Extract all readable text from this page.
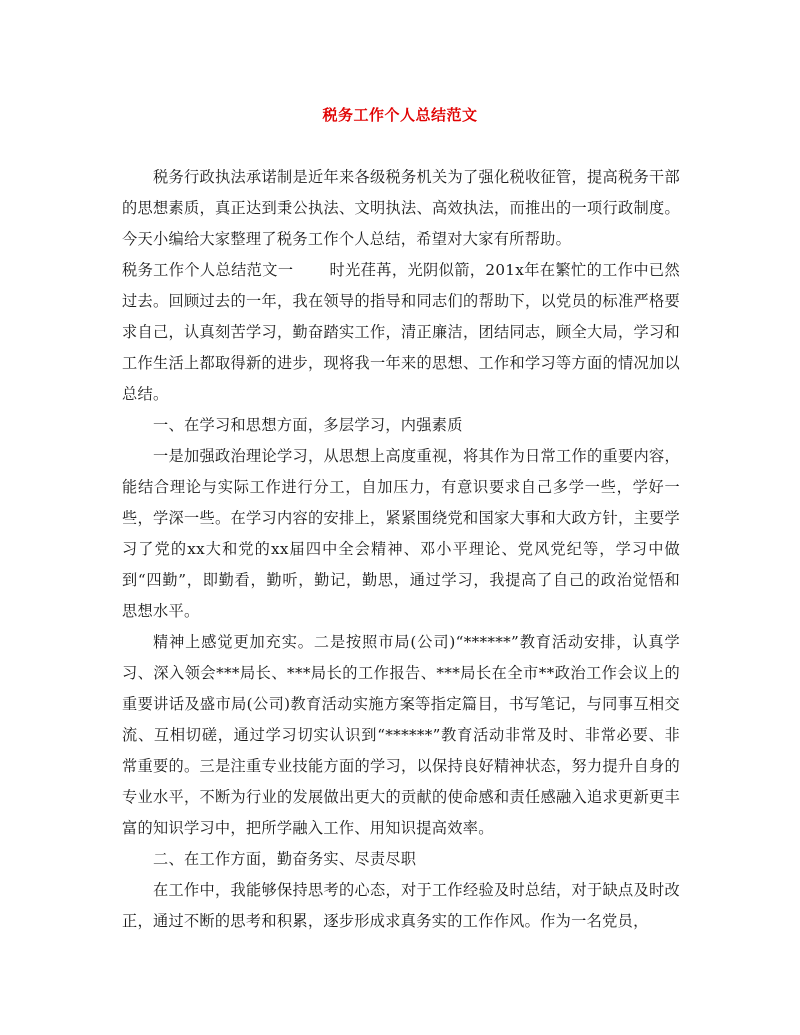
税务工作个人总结范文

税务行政执法承诺制是近年来各级税务机关为了强化税收征管，提高税务干部的思想素质，真正达到秉公执法、文明执法、高效执法，而推出的一项行政制度。今天小编给大家整理了税务工作个人总结，希望对大家有所帮助。

税务工作个人总结范文一 时光荏苒，光阴似箭，201x年在繁忙的工作中已然过去。回顾过去的一年，我在领导的指导和同志们的帮助下，以党员的标准严格要求自己，认真刻苦学习，勤奋踏实工作，清正廉洁，团结同志，顾全大局，学习和工作生活上都取得新的进步，现将我一年来的思想、工作和学习等方面的情况加以总结。

一、在学习和思想方面，多层学习，内强素质

一是加强政治理论学习，从思想上高度重视，将其作为日常工作的重要内容，能结合理论与实际工作进行分工，自加压力，有意识要求自己多学一些，学好一些，学深一些。在学习内容的安排上，紧紧围绕党和国家大事和大政方针，主要学习了党的xx大和党的xx届四中全会精神、邓小平理论、党风党纪等，学习中做到“四勤”，即勤看，勤听，勤记，勤思，通过学习，我提高了自己的政治觉悟和思想水平。

精神上感觉更加充实。二是按照市局(公司)“******”教育活动安排，认真学习、深入领会***局长、***局长的工作报告、***局长在全市**政治工作会议上的重要讲话及盛市局(公司)教育活动实施方案等指定篇目，书写笔记，与同事互相交流、互相切磋，通过学习切实认识到“******”教育活动非常及时、非常必要、非常重要的。三是注重专业技能方面的学习，以保持良好精神状态，努力提升自身的专业水平，不断为行业的发展做出更大的贡献的使命感和责任感融入追求更新更丰富的知识学习中，把所学融入工作、用知识提高效率。

二、在工作方面，勤奋务实、尽责尽职

在工作中，我能够保持思考的心态，对于工作经验及时总结，对于缺点及时改正，通过不断的思考和积累，逐步形成求真务实的工作作风。作为一名党员，
